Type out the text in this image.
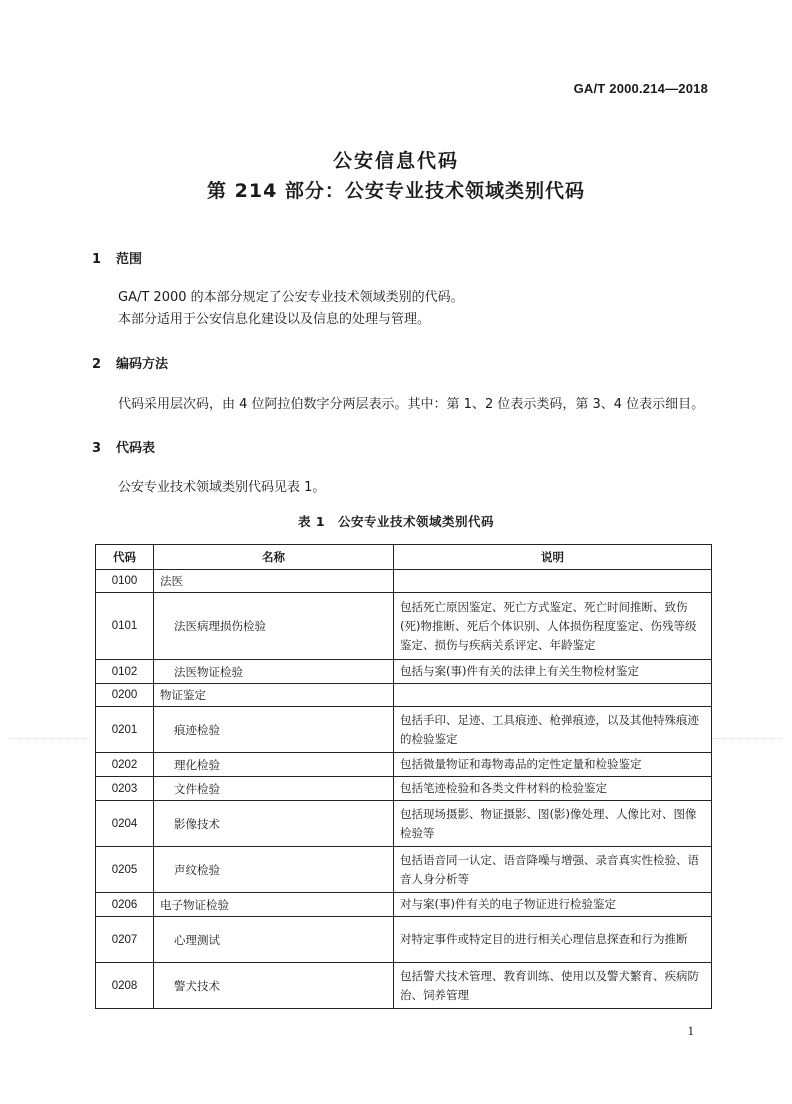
GA/T 2000.214—2018
公安信息代码
第 214 部分：公安专业技术领域类别代码
1 范围
GA/T 2000 的本部分规定了公安专业技术领域类别的代码。
本部分适用于公安信息化建设以及信息的处理与管理。
2 编码方法
代码采用层次码，由 4 位阿拉伯数字分两层表示。其中：第 1、2 位表示类码，第 3、4 位表示细目。
3 代码表
公安专业技术领域类别代码见表 1。
表 1　公安专业技术领域类别代码
代码	名称	说明
0100	法医	
0101	法医病理损伤检验	包括死亡原因鉴定、死亡方式鉴定、死亡时间推断、致伤(死)物推断、死后个体识别、人体损伤程度鉴定、伤残等级鉴定、损伤与疾病关系评定、年龄鉴定
0102	法医物证检验	包括与案(事)件有关的法律上有关生物检材鉴定
0200	物证鉴定	
0201	痕迹检验	包括手印、足迹、工具痕迹、枪弹痕迹，以及其他特殊痕迹的检验鉴定
0202	理化检验	包括微量物证和毒物毒品的定性定量和检验鉴定
0203	文件检验	包括笔迹检验和各类文件材料的检验鉴定
0204	影像技术	包括现场摄影、物证摄影、图(影)像处理、人像比对、图像检验等
0205	声纹检验	包括语音同一认定、语音降噪与增强、录音真实性检验、语音人身分析等
0206	电子物证检验	对与案(事)件有关的电子物证进行检验鉴定
0207	心理测试	对特定事件或特定目的进行相关心理信息探查和行为推断
0208	警犬技术	包括警犬技术管理、教育训练、使用以及警犬繁育、疾病防治、饲养管理
1
